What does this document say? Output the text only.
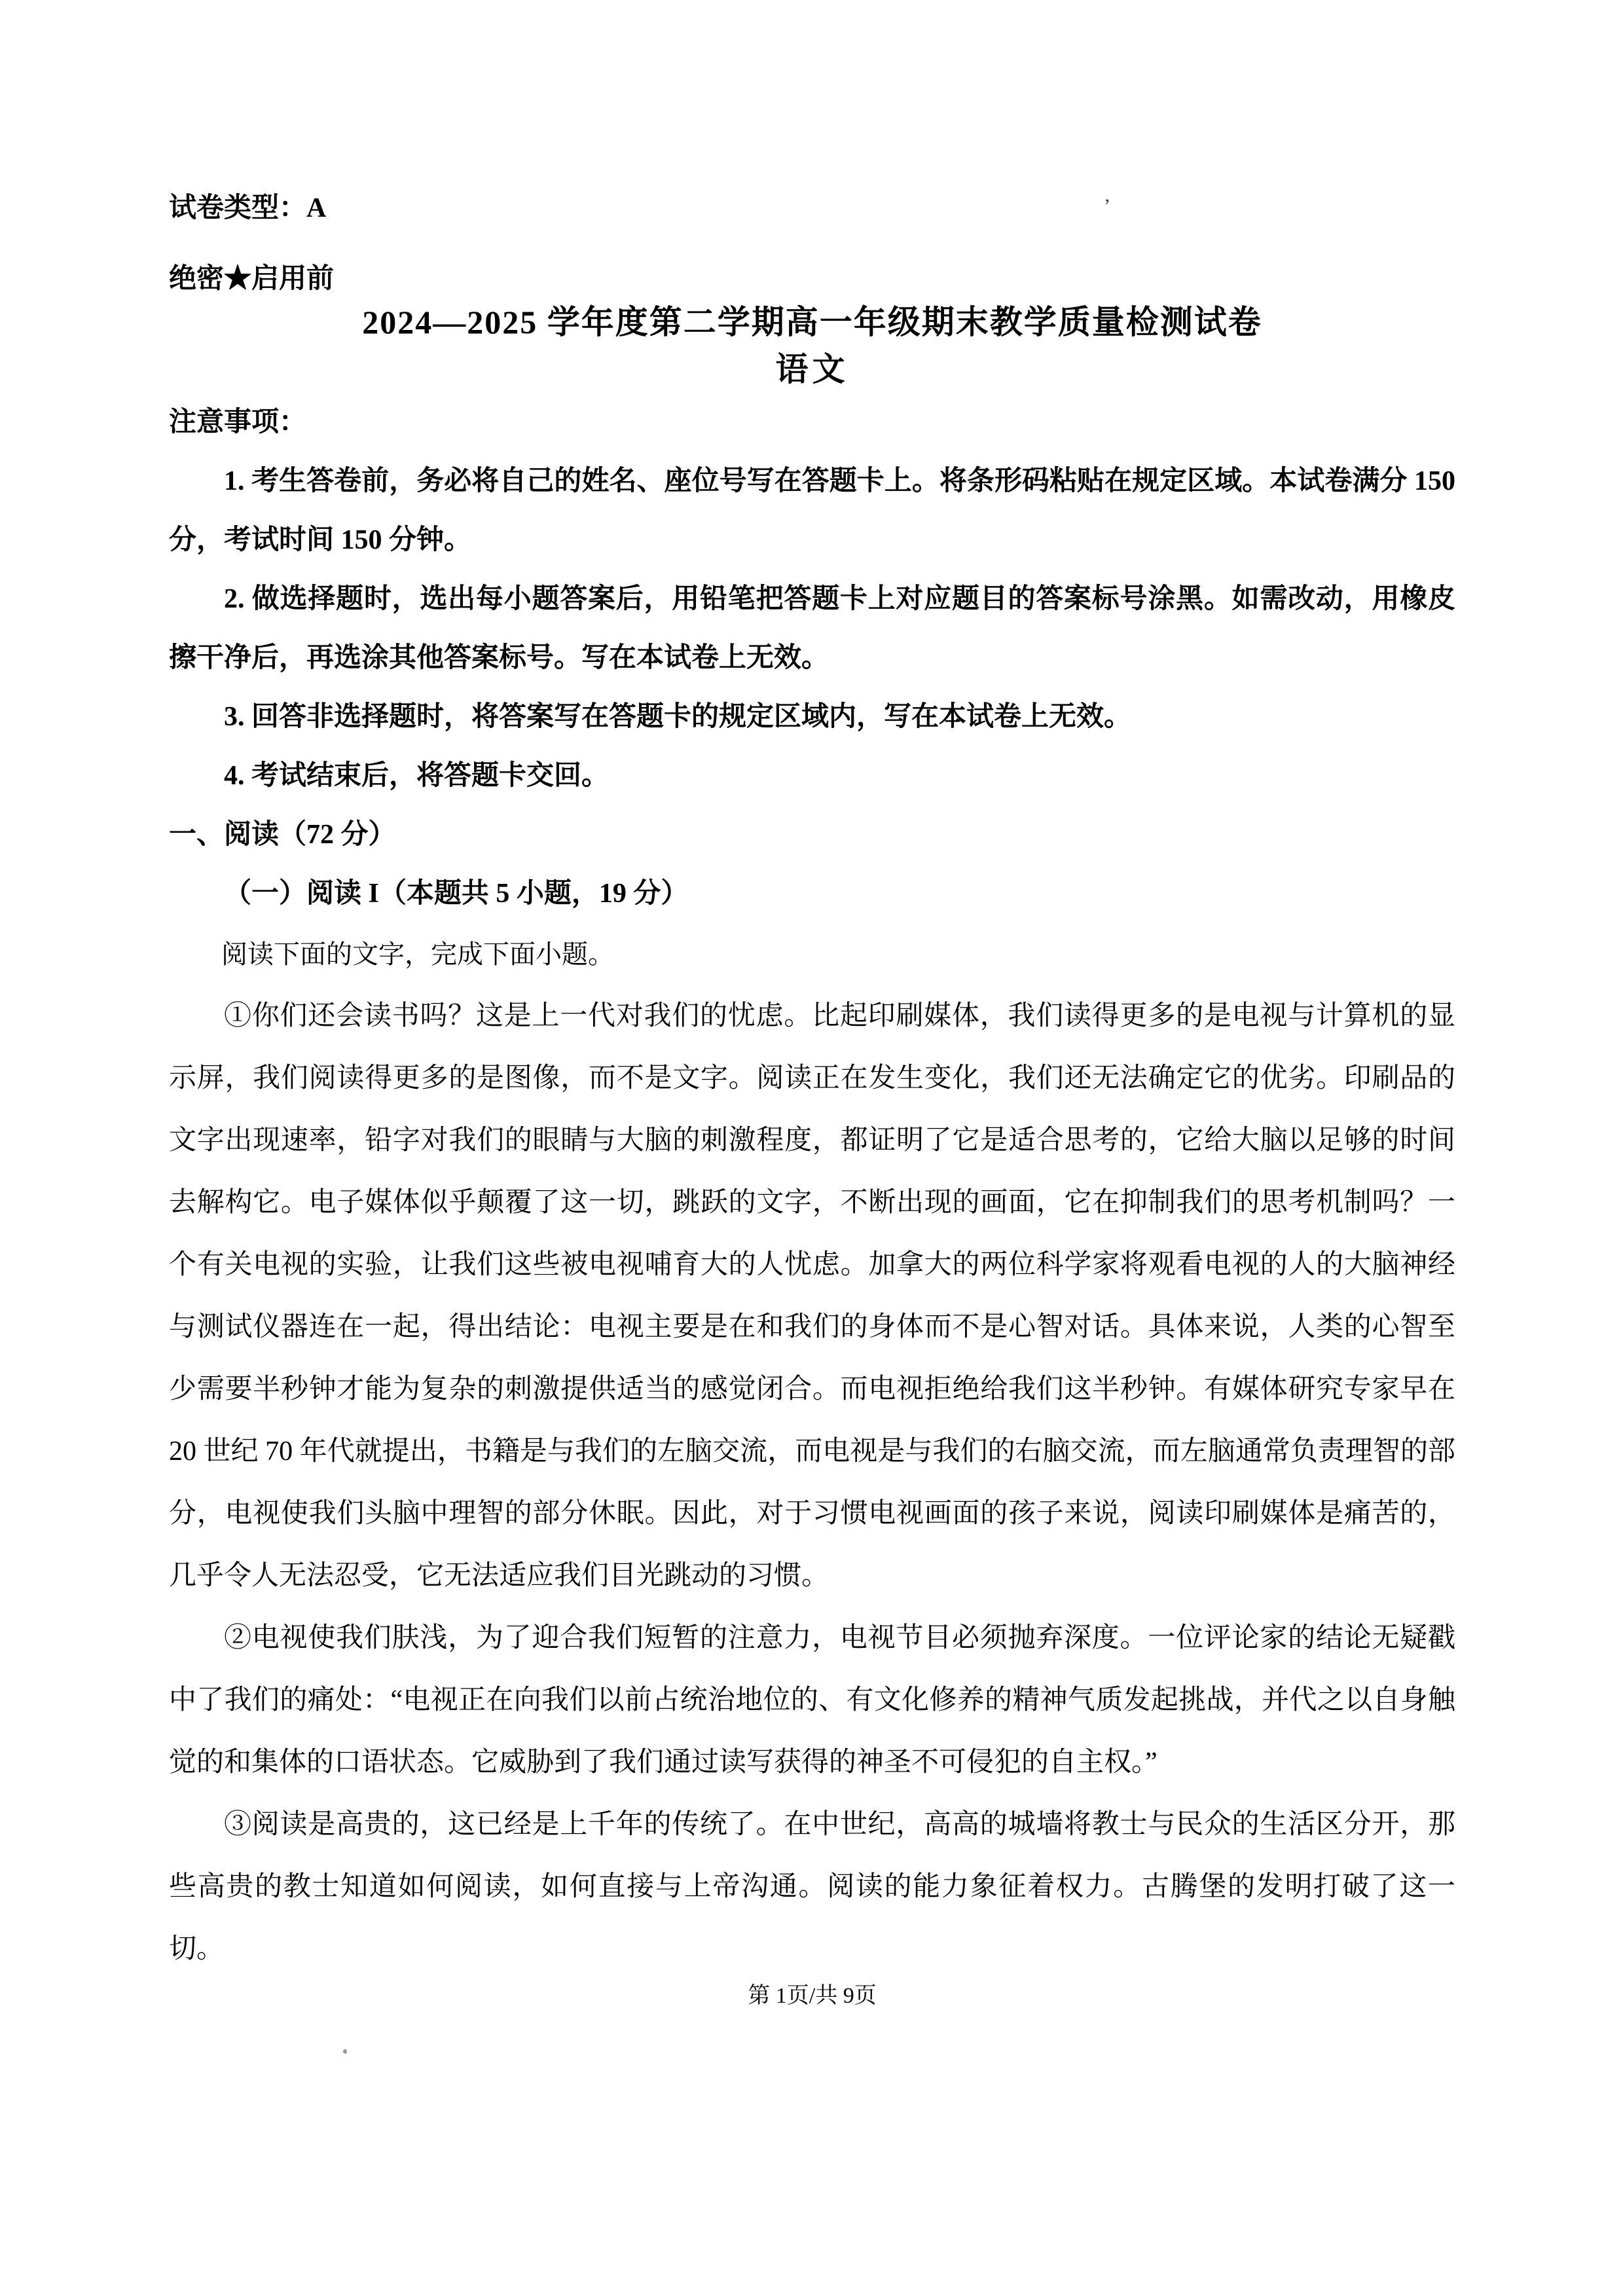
试卷类型：A

绝密★启用前

2024—2025 学年度第二学期高一年级期末教学质量检测试卷
语文

注意事项：

1. 考生答卷前，务必将自己的姓名、座位号写在答题卡上。将条形码粘贴在规定区域。本试卷满分 150 分，考试时间 150 分钟。

2. 做选择题时，选出每小题答案后，用铅笔把答题卡上对应题目的答案标号涂黑。如需改动，用橡皮擦干净后，再选涂其他答案标号。写在本试卷上无效。

3. 回答非选择题时，将答案写在答题卡的规定区域内，写在本试卷上无效。

4. 考试结束后，将答题卡交回。

一、阅读（72 分）

（一）阅读 I（本题共 5 小题，19 分）

阅读下面的文字，完成下面小题。

①你们还会读书吗？这是上一代对我们的忧虑。比起印刷媒体，我们读得更多的是电视与计算机的显示屏，我们阅读得更多的是图像，而不是文字。阅读正在发生变化，我们还无法确定它的优劣。印刷品的文字出现速率，铅字对我们的眼睛与大脑的刺激程度，都证明了它是适合思考的，它给大脑以足够的时间去解构它。电子媒体似乎颠覆了这一切，跳跃的文字，不断出现的画面，它在抑制我们的思考机制吗？一个有关电视的实验，让我们这些被电视哺育大的人忧虑。加拿大的两位科学家将观看电视的人的大脑神经与测试仪器连在一起，得出结论：电视主要是在和我们的身体而不是心智对话。具体来说，人类的心智至少需要半秒钟才能为复杂的刺激提供适当的感觉闭合。而电视拒绝给我们这半秒钟。有媒体研究专家早在 20 世纪 70 年代就提出，书籍是与我们的左脑交流，而电视是与我们的右脑交流，而左脑通常负责理智的部分，电视使我们头脑中理智的部分休眠。因此，对于习惯电视画面的孩子来说，阅读印刷媒体是痛苦的，几乎令人无法忍受，它无法适应我们目光跳动的习惯。

②电视使我们肤浅，为了迎合我们短暂的注意力，电视节目必须抛弃深度。一位评论家的结论无疑戳中了我们的痛处：“电视正在向我们以前占统治地位的、有文化修养的精神气质发起挑战，并代之以自身触觉的和集体的口语状态。它威胁到了我们通过读写获得的神圣不可侵犯的自主权。”

③阅读是高贵的，这已经是上千年的传统了。在中世纪，高高的城墙将教士与民众的生活区分开，那些高贵的教士知道如何阅读，如何直接与上帝沟通。阅读的能力象征着权力。古腾堡的发明打破了这一切。

第 1页/共 9页

’
